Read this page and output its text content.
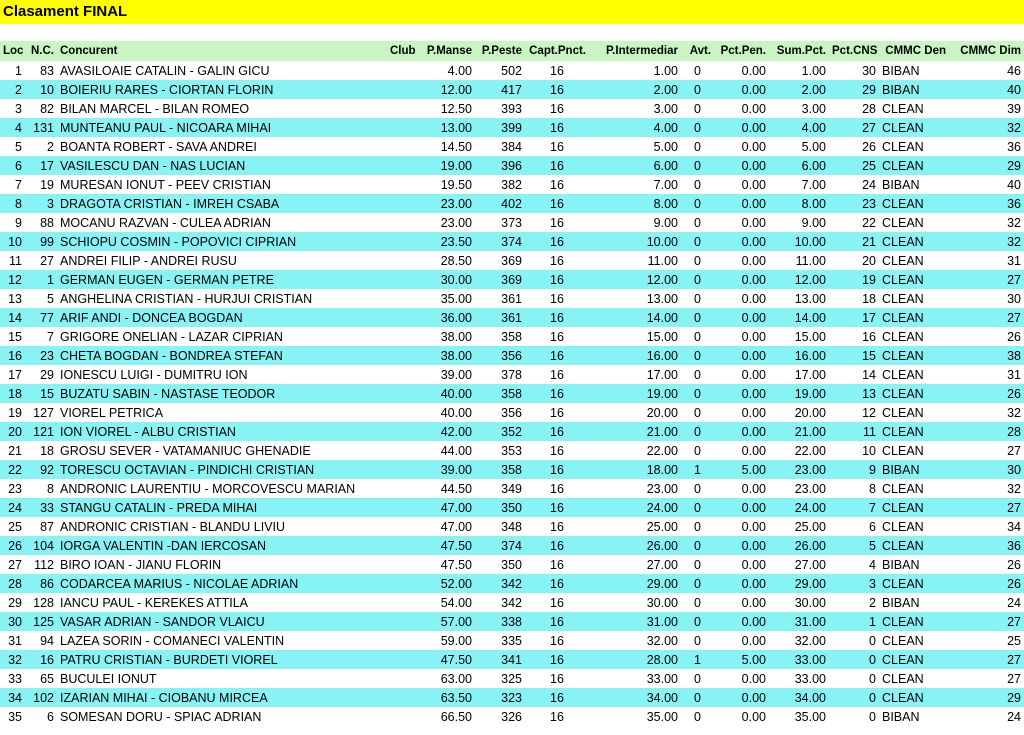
Clasament FINAL
Loc	N.C.	Concurent	Club	P.Manse	P.Peste	Capt.Pnct.	P.Intermediar	Avt.	Pct.Pen.	Sum.Pct.	Pct.CNS	CMMC Den	CMMC Dim
1	83	AVASILOAIE CATALIN - GALIN GICU		4.00	502	16	1.00	0	0.00	1.00	30	BIBAN	46
2	10	BOIERIU RARES - CIORTAN FLORIN		12.00	417	16	2.00	0	0.00	2.00	29	BIBAN	40
3	82	BILAN MARCEL - BILAN ROMEO		12.50	393	16	3.00	0	0.00	3.00	28	CLEAN	39
4	131	MUNTEANU PAUL - NICOARA MIHAI		13.00	399	16	4.00	0	0.00	4.00	27	CLEAN	32
5	2	BOANTA ROBERT - SAVA ANDREI		14.50	384	16	5.00	0	0.00	5.00	26	CLEAN	36
6	17	VASILESCU DAN - NAS LUCIAN		19.00	396	16	6.00	0	0.00	6.00	25	CLEAN	29
7	19	MURESAN IONUT - PEEV CRISTIAN		19.50	382	16	7.00	0	0.00	7.00	24	BIBAN	40
8	3	DRAGOTA CRISTIAN - IMREH CSABA		23.00	402	16	8.00	0	0.00	8.00	23	CLEAN	36
9	88	MOCANU RAZVAN - CULEA ADRIAN		23.00	373	16	9.00	0	0.00	9.00	22	CLEAN	32
10	99	SCHIOPU COSMIN - POPOVICI CIPRIAN		23.50	374	16	10.00	0	0.00	10.00	21	CLEAN	32
11	27	ANDREI FILIP - ANDREI RUSU		28.50	369	16	11.00	0	0.00	11.00	20	CLEAN	31
12	1	GERMAN EUGEN - GERMAN PETRE		30.00	369	16	12.00	0	0.00	12.00	19	CLEAN	27
13	5	ANGHELINA CRISTIAN - HURJUI CRISTIAN		35.00	361	16	13.00	0	0.00	13.00	18	CLEAN	30
14	77	ARIF ANDI - DONCEA BOGDAN		36.00	361	16	14.00	0	0.00	14.00	17	CLEAN	27
15	7	GRIGORE ONELIAN - LAZAR CIPRIAN		38.00	358	16	15.00	0	0.00	15.00	16	CLEAN	26
16	23	CHETA BOGDAN - BONDREA STEFAN		38.00	356	16	16.00	0	0.00	16.00	15	CLEAN	38
17	29	IONESCU LUIGI - DUMITRU ION		39.00	378	16	17.00	0	0.00	17.00	14	CLEAN	31
18	15	BUZATU SABIN - NASTASE TEODOR		40.00	358	16	19.00	0	0.00	19.00	13	CLEAN	26
19	127	VIOREL PETRICA		40.00	356	16	20.00	0	0.00	20.00	12	CLEAN	32
20	121	ION VIOREL - ALBU CRISTIAN		42.00	352	16	21.00	0	0.00	21.00	11	CLEAN	28
21	18	GROSU SEVER - VATAMANIUC GHENADIE		44.00	353	16	22.00	0	0.00	22.00	10	CLEAN	27
22	92	TORESCU OCTAVIAN - PINDICHI CRISTIAN		39.00	358	16	18.00	1	5.00	23.00	9	BIBAN	30
23	8	ANDRONIC LAURENTIU - MORCOVESCU MARIAN		44.50	349	16	23.00	0	0.00	23.00	8	CLEAN	32
24	33	STANGU CATALIN - PREDA MIHAI		47.00	350	16	24.00	0	0.00	24.00	7	CLEAN	27
25	87	ANDRONIC CRISTIAN - BLANDU LIVIU		47.00	348	16	25.00	0	0.00	25.00	6	CLEAN	34
26	104	IORGA VALENTIN -DAN IERCOSAN		47.50	374	16	26.00	0	0.00	26.00	5	CLEAN	36
27	112	BIRO IOAN - JIANU FLORIN		47.50	350	16	27.00	0	0.00	27.00	4	BIBAN	26
28	86	CODARCEA MARIUS - NICOLAE ADRIAN		52.00	342	16	29.00	0	0.00	29.00	3	CLEAN	26
29	128	IANCU PAUL - KEREKES ATTILA		54.00	342	16	30.00	0	0.00	30.00	2	BIBAN	24
30	125	VASAR ADRIAN - SANDOR VLAICU		57.00	338	16	31.00	0	0.00	31.00	1	CLEAN	27
31	94	LAZEA SORIN - COMANECI VALENTIN		59.00	335	16	32.00	0	0.00	32.00	0	CLEAN	25
32	16	PATRU CRISTIAN - BURDETI VIOREL		47.50	341	16	28.00	1	5.00	33.00	0	CLEAN	27
33	65	BUCULEI IONUT		63.00	325	16	33.00	0	0.00	33.00	0	CLEAN	27
34	102	IZARIAN MIHAI - CIOBANU MIRCEA		63.50	323	16	34.00	0	0.00	34.00	0	CLEAN	29
35	6	SOMESAN DORU - SPIAC ADRIAN		66.50	326	16	35.00	0	0.00	35.00	0	BIBAN	24
